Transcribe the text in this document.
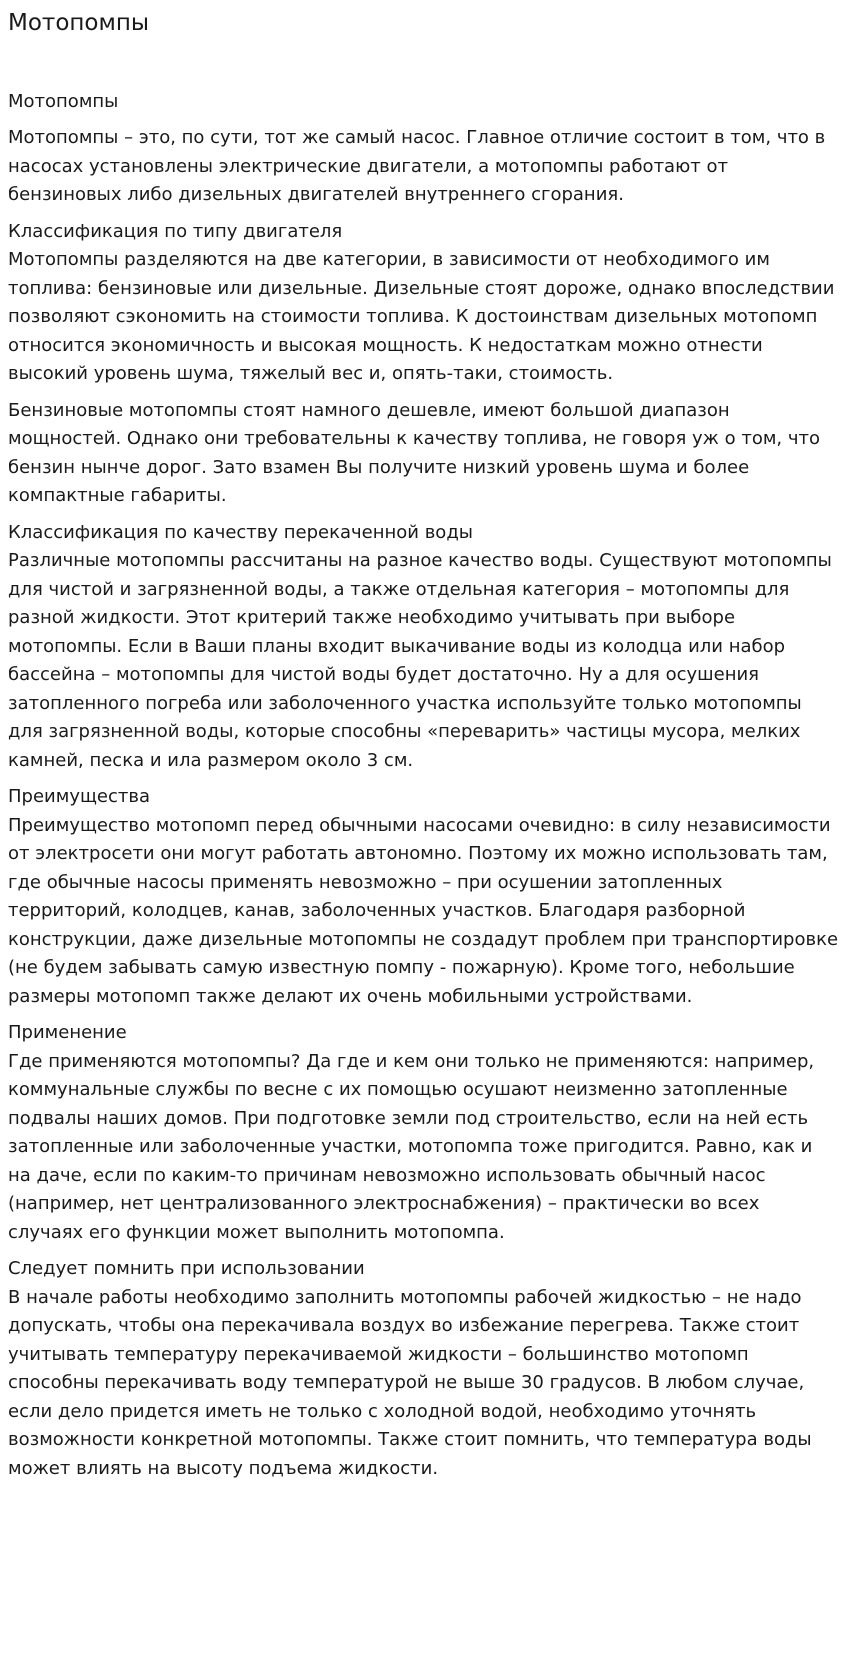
Мотопомпы
Мотопомпы

Мотопомпы – это, по сути, тот же самый насос. Главное отличие состоит в том, что в насосах установлены электрические двигатели, а мотопомпы работают от бензиновых либо дизельных двигателей внутреннего сгорания.

Классификация по типу двигателя
Мотопомпы разделяются на две категории, в зависимости от необходимого им топлива: бензиновые или дизельные. Дизельные стоят дороже, однако впоследствии позволяют сэкономить на стоимости топлива. К достоинствам дизельных мотопомп относится экономичность и высокая мощность. К недостаткам можно отнести высокий уровень шума, тяжелый вес и, опять-таки, стоимость.
Бензиновые мотопомпы стоят намного дешевле, имеют большой диапазон мощностей. Однако они требовательны к качеству топлива, не говоря уж о том, что бензин нынче дорог. Зато взамен Вы получите низкий уровень шума и более компактные габариты.
Классификация по качеству перекаченной воды
Различные мотопомпы рассчитаны на разное качество воды. Существуют мотопомпы для чистой и загрязненной воды, а также отдельная категория – мотопомпы для разной жидкости. Этот критерий также необходимо учитывать при выборе мотопомпы. Если в Ваши планы входит выкачивание воды из колодца или набор бассейна – мотопомпы для чистой воды будет достаточно. Ну а для осушения затопленного погреба или заболоченного участка используйте только мотопомпы для загрязненной воды, которые способны «переварить» частицы мусора, мелких камней, песка и ила размером около 3 см.
Преимущества
Преимущество мотопомп перед обычными насосами очевидно: в силу независимости от электросети они могут работать автономно. Поэтому их можно использовать там, где обычные насосы применять невозможно – при осушении затопленных территорий, колодцев, канав, заболоченных участков. Благодаря разборной конструкции, даже дизельные мотопомпы не создадут проблем при транспортировке (не будем забывать самую известную помпу - пожарную). Кроме того, небольшие размеры мотопомп также делают их очень мобильными устройствами.
Применение
Где применяются мотопомпы? Да где и кем они только не применяются: например, коммунальные службы по весне с их помощью осушают неизменно затопленные подвалы наших домов. При подготовке земли под строительство, если на ней есть затопленные или заболоченные участки, мотопомпа тоже пригодится. Равно, как и на даче, если по каким-то причинам невозможно использовать обычный насос (например, нет централизованного электроснабжения) – практически во всех случаях его функции может выполнить мотопомпа.
Следует помнить при использовании
В начале работы необходимо заполнить мотопомпы рабочей жидкостью – не надо допускать, чтобы она перекачивала воздух во избежание перегрева. Также стоит учитывать температуру перекачиваемой жидкости – большинство мотопомп способны перекачивать воду температурой не выше 30 градусов. В любом случае, если дело придется иметь не только с холодной водой, необходимо уточнять возможности конкретной мотопомпы. Также стоит помнить, что температура воды может влиять на высоту подъема жидкости.
